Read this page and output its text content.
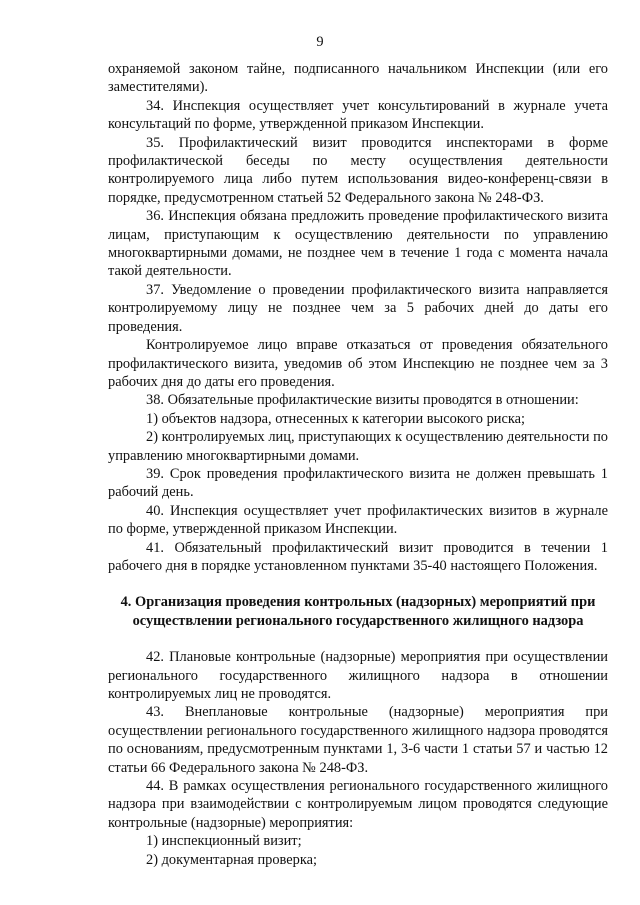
9

охраняемой законом тайне, подписанного начальником Инспекции (или его заместителями).

34. Инспекция осуществляет учет консультирований в журнале учета консультаций по форме, утвержденной приказом Инспекции.

35. Профилактический визит проводится инспекторами в форме профилактической беседы по месту осуществления деятельности контролируемого лица либо путем использования видео-конференц-связи в порядке, предусмотренном статьей 52 Федерального закона № 248-ФЗ.

36. Инспекция обязана предложить проведение профилактического визита лицам, приступающим к осуществлению деятельности по управлению многоквартирными домами, не позднее чем в течение 1 года с момента начала такой деятельности.

37. Уведомление о проведении профилактического визита направляется контролируемому лицу не позднее чем за 5 рабочих дней до даты его проведения.

Контролируемое лицо вправе отказаться от проведения обязательного профилактического визита, уведомив об этом Инспекцию не позднее чем за 3 рабочих дня до даты его проведения.

38. Обязательные профилактические визиты проводятся в отношении:

1) объектов надзора, отнесенных к категории высокого риска;

2) контролируемых лиц, приступающих к осуществлению деятельности по управлению многоквартирными домами.

39. Срок проведения профилактического визита не должен превышать 1 рабочий день.

40. Инспекция осуществляет учет профилактических визитов в журнале по форме, утвержденной приказом Инспекции.

41. Обязательный профилактический визит проводится в течении 1 рабочего дня в порядке установленном пунктами 35-40 настоящего Положения.

4. Организация проведения контрольных (надзорных) мероприятий при
осуществлении регионального государственного жилищного надзора

42. Плановые контрольные (надзорные) мероприятия при осуществлении регионального государственного жилищного надзора в отношении контролируемых лиц не проводятся.

43. Внеплановые контрольные (надзорные) мероприятия при осуществлении регионального государственного жилищного надзора проводятся по основаниям, предусмотренным пунктами 1, 3-6 части 1 статьи 57 и частью 12 статьи 66 Федерального закона № 248-ФЗ.

44. В рамках осуществления регионального государственного жилищного надзора при взаимодействии с контролируемым лицом проводятся следующие контрольные (надзорные) мероприятия:

1) инспекционный визит;

2) документарная проверка;
